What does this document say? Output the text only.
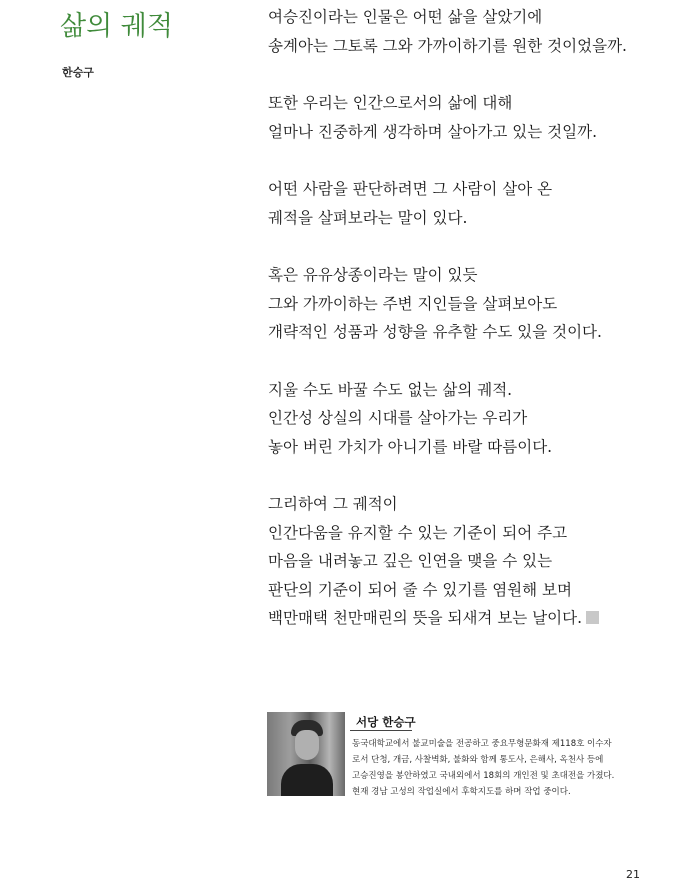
삶의 궤적
한승구
여승진이라는 인물은 어떤 삶을 살았기에
송계아는 그토록 그와 가까이하기를 원한 것이었을까.
또한 우리는 인간으로서의 삶에 대해
얼마나 진중하게 생각하며 살아가고 있는 것일까.
어떤 사람을 판단하려면 그 사람이 살아 온
궤적을 살펴보라는 말이 있다.
혹은 유유상종이라는 말이 있듯
그와 가까이하는 주변 지인들을 살펴보아도
개략적인 성품과 성향을 유추할 수도 있을 것이다.
지울 수도 바꿀 수도 없는 삶의 궤적.
인간성 상실의 시대를 살아가는 우리가
놓아 버린 가치가 아니기를 바랄 따름이다.
그리하여 그 궤적이
인간다움을 유지할 수 있는 기준이 되어 주고
마음을 내려놓고 깊은 인연을 맺을 수 있는
판단의 기준이 되어 줄 수 있기를 염원해 보며
백만매택 천만매린의 뜻을 되새겨 보는 날이다.
서당 한승구
동국대학교에서 불교미술을 전공하고 중요무형문화재 제118호 이수자
로서 단청, 개금, 사찰벽화, 불화와 함께 통도사, 은해사, 옥천사 등에
고승진영을 봉안하였고 국내외에서 18회의 개인전 및 초대전을 가졌다.
현재 경남 고성의 작업실에서 후학지도를 하며 작업 중이다.
21
